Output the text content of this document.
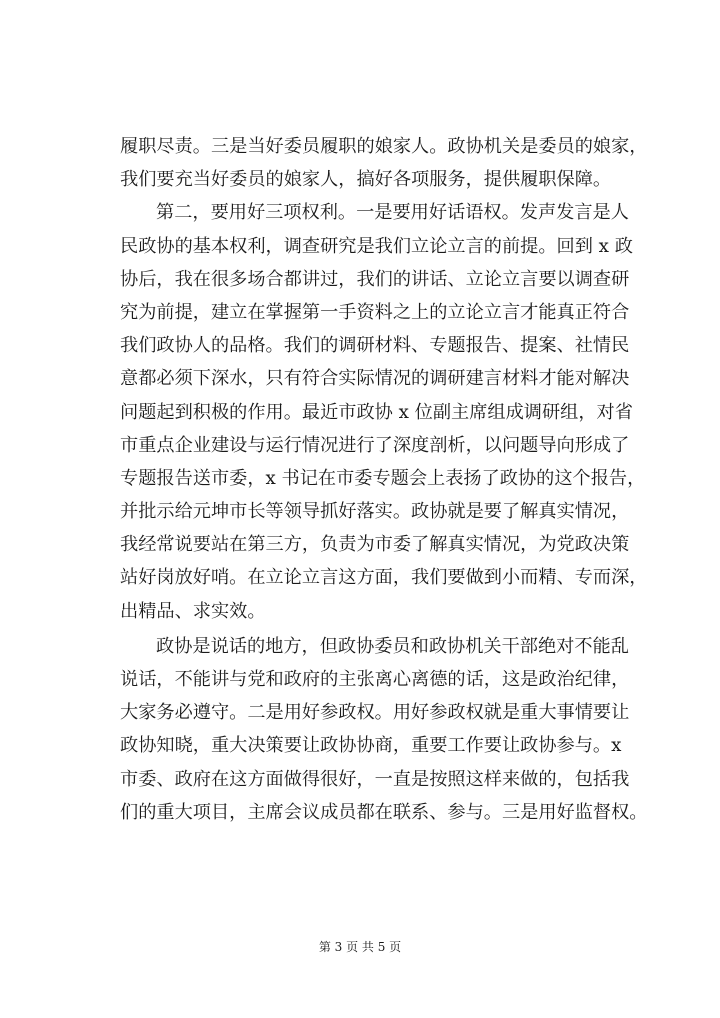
履职尽责。三是当好委员履职的娘家人。政协机关是委员的娘家，
我们要充当好委员的娘家人，搞好各项服务，提供履职保障。
第二，要用好三项权利。一是要用好话语权。发声发言是人
民政协的基本权利，调查研究是我们立论立言的前提。回到 x 政
协后，我在很多场合都讲过，我们的讲话、立论立言要以调查研
究为前提，建立在掌握第一手资料之上的立论立言才能真正符合
我们政协人的品格。我们的调研材料、专题报告、提案、社情民
意都必须下深水，只有符合实际情况的调研建言材料才能对解决
问题起到积极的作用。最近市政协 x 位副主席组成调研组，对省
市重点企业建设与运行情况进行了深度剖析，以问题导向形成了
专题报告送市委，x 书记在市委专题会上表扬了政协的这个报告，
并批示给元坤市长等领导抓好落实。政协就是要了解真实情况，
我经常说要站在第三方，负责为市委了解真实情况，为党政决策
站好岗放好哨。在立论立言这方面，我们要做到小而精、专而深，
出精品、求实效。
政协是说话的地方，但政协委员和政协机关干部绝对不能乱
说话，不能讲与党和政府的主张离心离德的话，这是政治纪律，
大家务必遵守。二是用好参政权。用好参政权就是重大事情要让
政协知晓，重大决策要让政协协商，重要工作要让政协参与。x
市委、政府在这方面做得很好，一直是按照这样来做的，包括我
们的重大项目，主席会议成员都在联系、参与。三是用好监督权。
第 3 页 共 5 页
